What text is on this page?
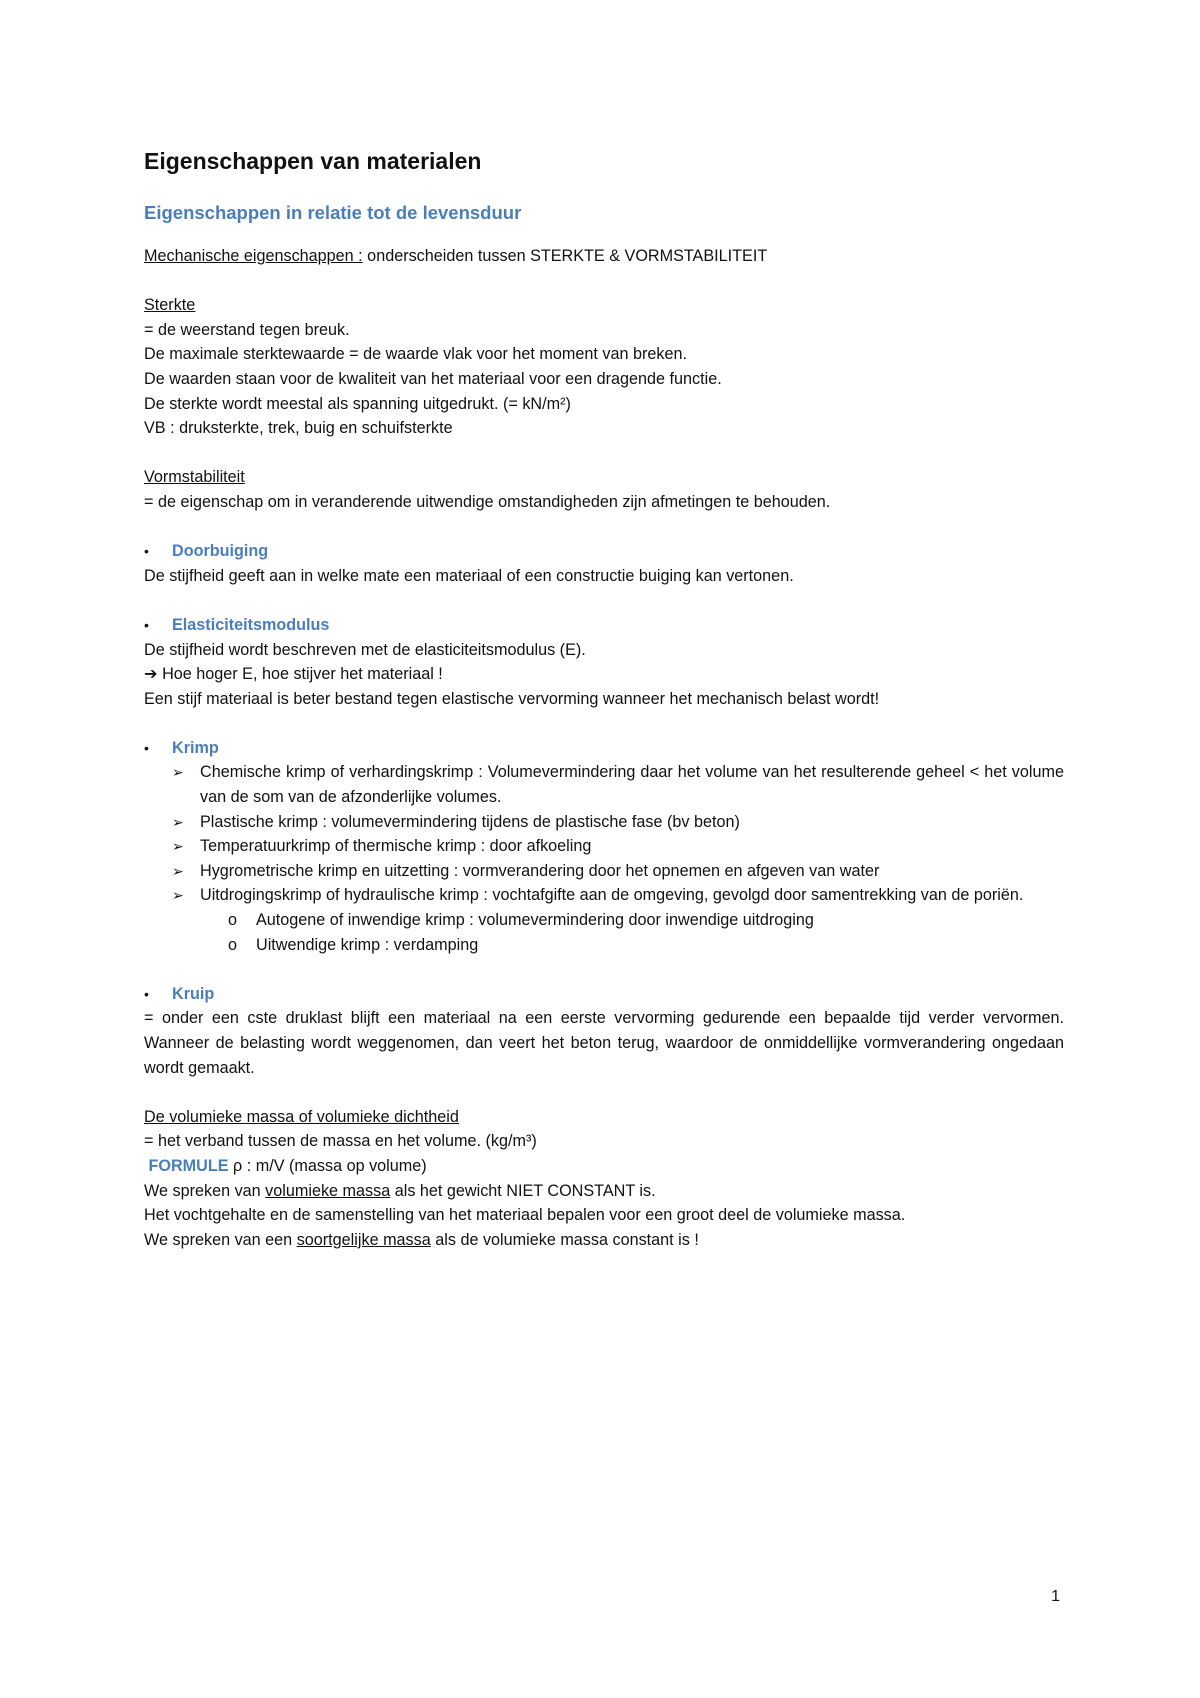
Eigenschappen van materialen
Eigenschappen in relatie tot de levensduur

Mechanische eigenschappen : onderscheiden tussen STERKTE & VORMSTABILITEIT

Sterkte

= de weerstand tegen breuk.

De maximale sterktewaarde = de waarde vlak voor het moment van breken.

De waarden staan voor de kwaliteit van het materiaal voor een dragende functie.

De sterkte wordt meestal als spanning uitgedrukt. (= kN/m²)

VB : druksterkte, trek, buig en schuifsterkte

Vormstabiliteit

= de eigenschap om in veranderende uitwendige omstandigheden zijn afmetingen te behouden.

•	Doorbuiging

De stijfheid geeft aan in welke mate een materiaal of een constructie buiging kan vertonen.

•	Elasticiteitsmodulus

De stijfheid wordt beschreven met de elasticiteitsmodulus (E).

➔ Hoe hoger E, hoe stijver het materiaal !

Een stijf materiaal is beter bestand tegen elastische vervorming wanneer het mechanisch belast wordt!

•	Krimp
➢	Chemische krimp of verhardingskrimp : Volumevermindering daar het volume van het resulterende geheel < het volume van de som van de afzonderlijke volumes.
➢	Plastische krimp : volumevermindering tijdens de plastische fase (bv beton)
➢	Temperatuurkrimp of thermische krimp : door afkoeling
➢	Hygrometrische krimp en uitzetting : vormverandering door het opnemen en afgeven van water
➢	Uitdrogingskrimp of hydraulische krimp : vochtafgifte aan de omgeving, gevolgd door samentrekking van de poriën.
o	Autogene of inwendige krimp : volumevermindering door inwendige uitdroging
o	Uitwendige krimp : verdamping
•	Kruip

= onder een cste druklast blijft een materiaal na een eerste vervorming gedurende een bepaalde tijd verder vervormen. Wanneer de belasting wordt weggenomen, dan veert het beton terug, waardoor de onmiddellijke vormverandering ongedaan wordt gemaakt.

De volumieke massa of volumieke dichtheid

= het verband tussen de massa en het volume. (kg/m³)

FORMULE ρ : m/V (massa op volume)

We spreken van volumieke massa als het gewicht NIET CONSTANT is.

Het vochtgehalte en de samenstelling van het materiaal bepalen voor een groot deel de volumieke massa.

We spreken van een soortgelijke massa als de volumieke massa constant is !

1
